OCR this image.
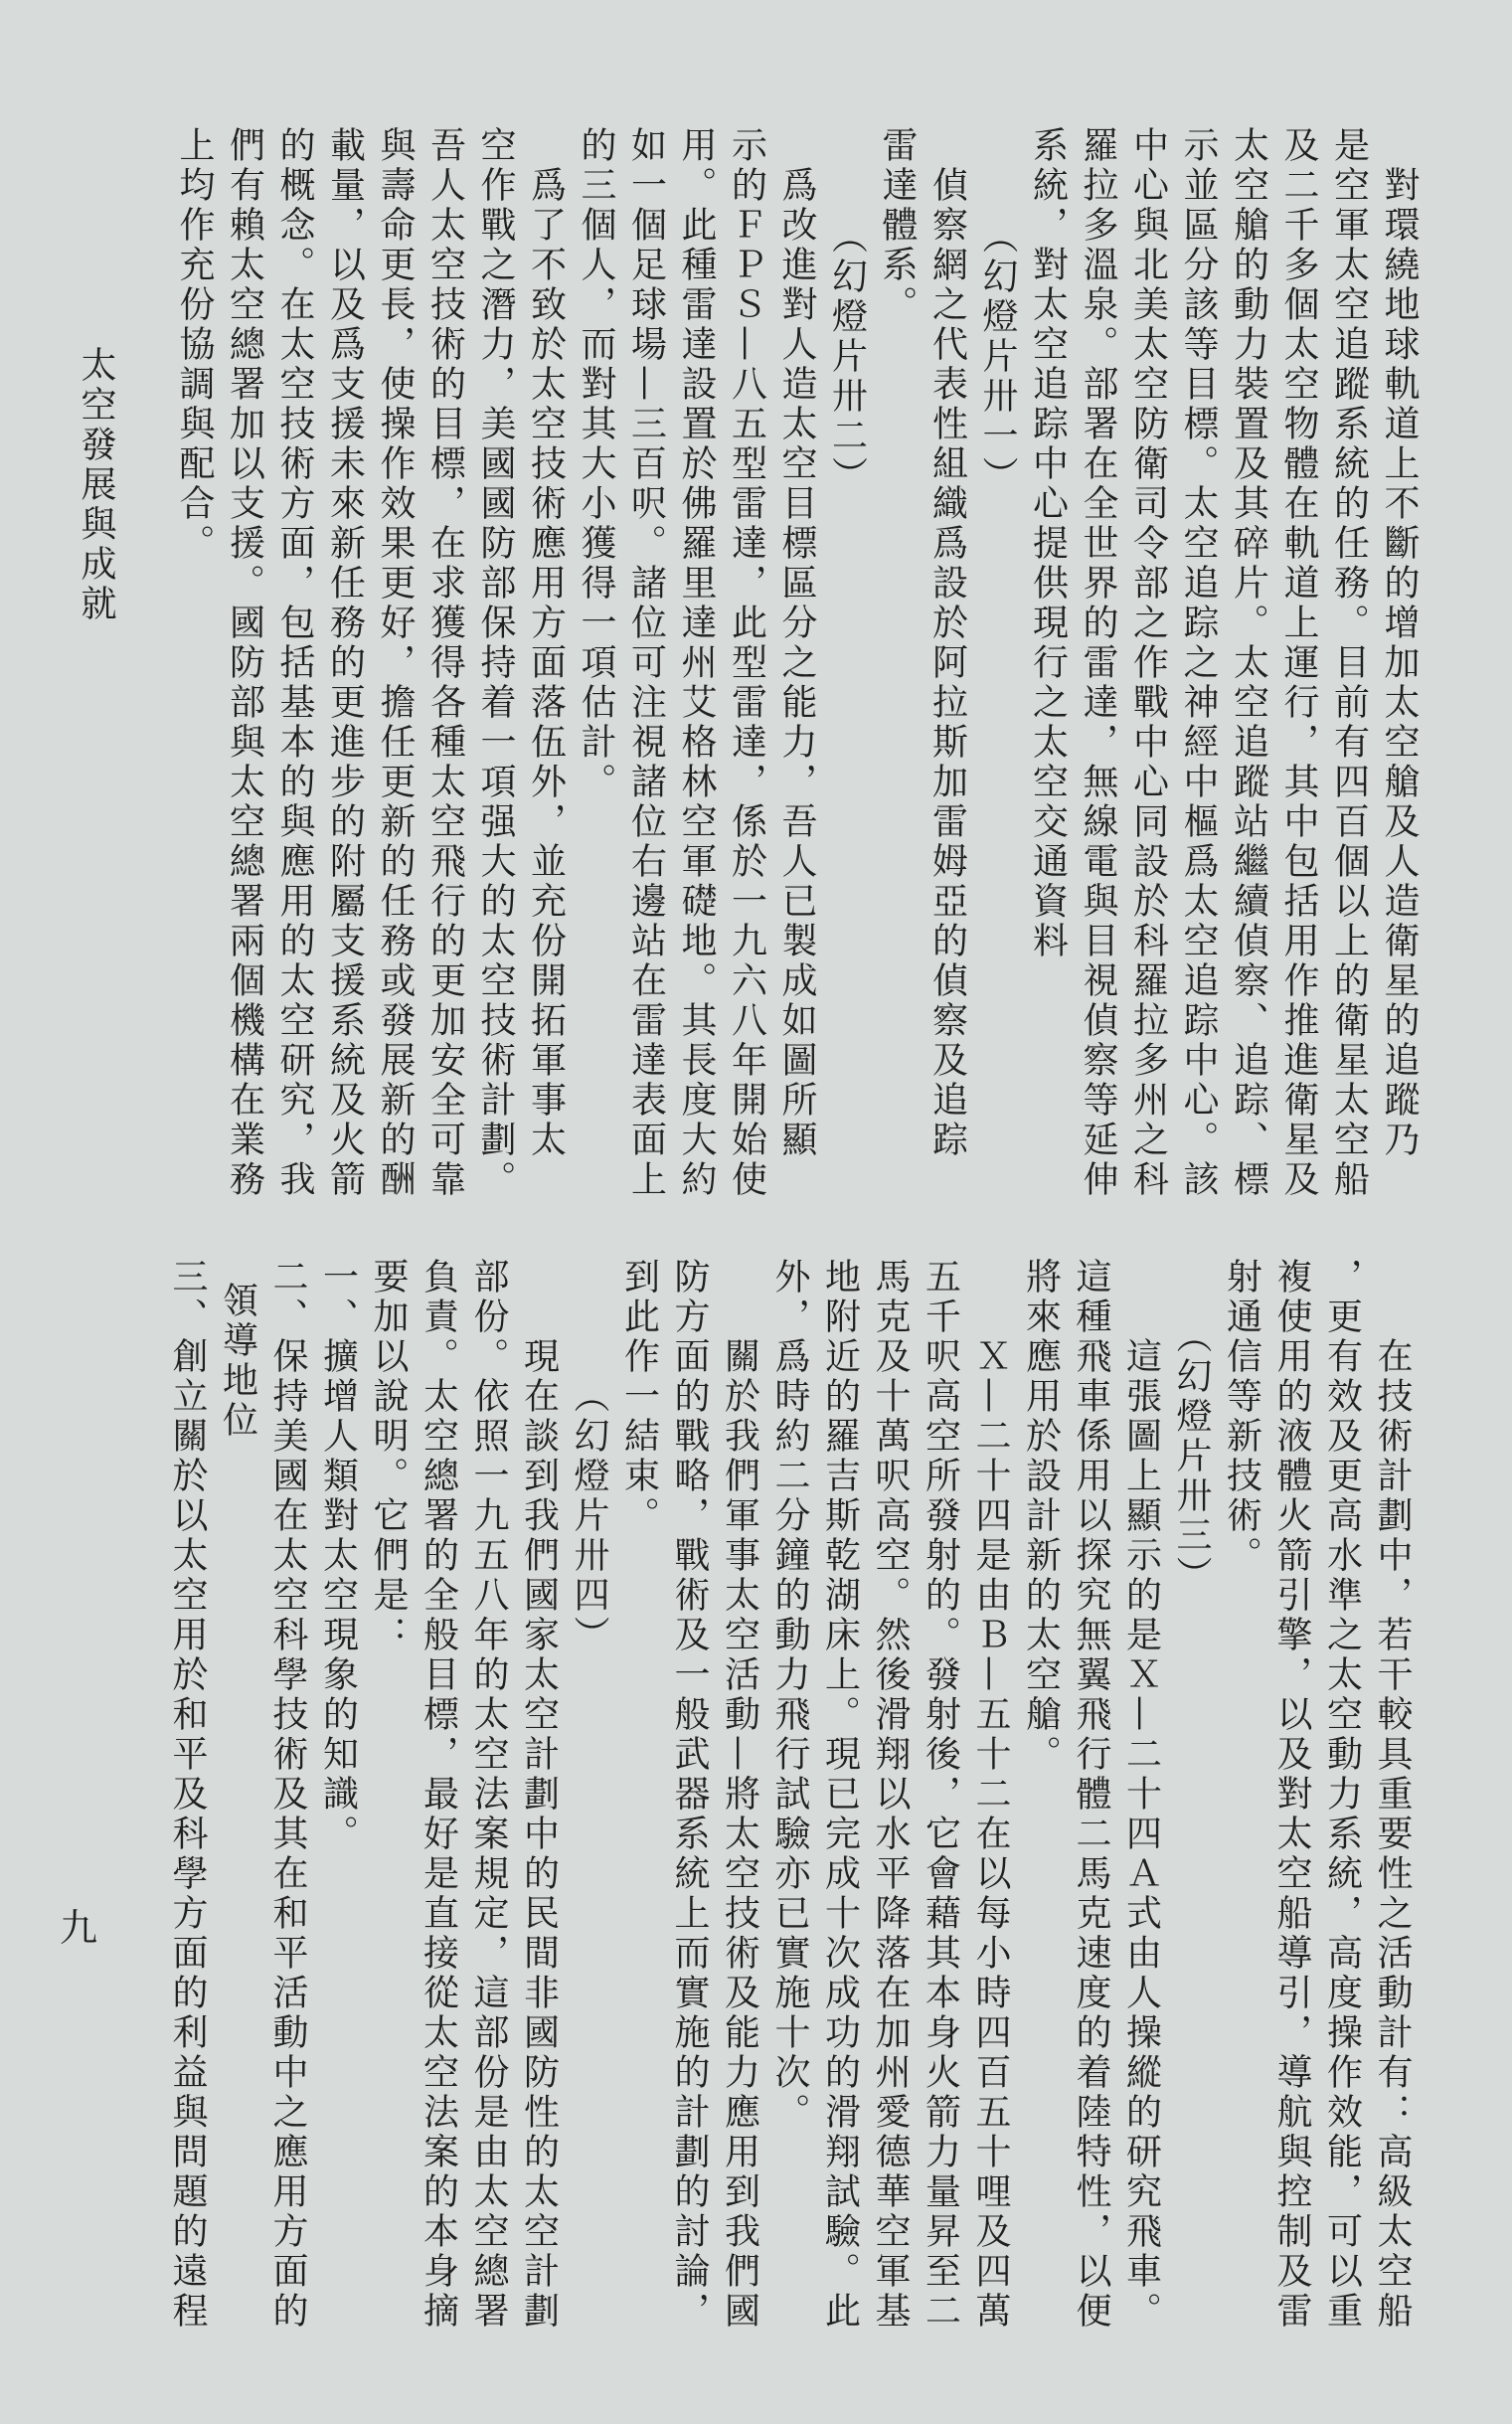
太空發展與成就
九
對環繞地球軌道上不斷的增加太空艙及人造衛星的追蹤乃
是空軍太空追蹤系統的任務。目前有四百個以上的衛星太空船
及二千多個太空物體在軌道上運行，其中包括用作推進衛星及
太空艙的動力裝置及其碎片。太空追蹤站繼續偵察、追踪、標
示並區分該等目標。太空追踪之神經中樞爲太空追踪中心。該
中心與北美太空防衛司令部之作戰中心同設於科羅拉多州之科
羅拉多溫泉。部署在全世界的雷達，無線電與目視偵察等延伸
系統，對太空追踪中心提供現行之太空交通資料
（幻燈片卅一）
偵察網之代表性組織爲設於阿拉斯加雷姆亞的偵察及追踪
雷達體系。
（幻燈片卅二）
爲改進對人造太空目標區分之能力，吾人已製成如圖所顯
示的ＦＰＳ—八五型雷達，此型雷達，係於一九六八年開始使
用。此種雷達設置於佛羅里達州艾格林空軍礎地。其長度大約
如一個足球場—三百呎。諸位可注視諸位右邊站在雷達表面上
的三個人，而對其大小獲得一項估計。
爲了不致於太空技術應用方面落伍外，並充份開拓軍事太
空作戰之潛力，美國國防部保持着一項强大的太空技術計劃。
吾人太空技術的目標，在求獲得各種太空飛行的更加安全可靠
與壽命更長，使操作效果更好，擔任更新的任務或發展新的酬
載量，以及爲支援未來新任務的更進步的附屬支援系統及火箭
的概念。在太空技術方面，包括基本的與應用的太空研究，我
們有賴太空總署加以支援。國防部與太空總署兩個機構在業務
上均作充份協調與配合。
在技術計劃中，若干較具重要性之活動計有：高級太空船
，更有效及更高水準之太空動力系統，高度操作效能，可以重
複使用的液體火箭引擎，以及對太空船導引，導航與控制及雷
射通信等新技術。
（幻燈片卅三）
這張圖上顯示的是Ｘ—二十四Ａ式由人操縱的研究飛車。
這種飛車係用以探究無翼飛行體二馬克速度的着陸特性，以便
將來應用於設計新的太空艙。
Ｘ—二十四是由Ｂ—五十二在以每小時四百五十哩及四萬
五千呎高空所發射的。發射後，它會藉其本身火箭力量昇至二
馬克及十萬呎高空。然後滑翔以水平降落在加州愛德華空軍基
地附近的羅吉斯乾湖床上。現已完成十次成功的滑翔試驗。此
外，爲時約二分鐘的動力飛行試驗亦已實施十次。
關於我們軍事太空活動—將太空技術及能力應用到我們國
防方面的戰略，戰術及一般武器系統上而實施的計劃的討論，
到此作一結束。
（幻燈片卅四）
現在談到我們國家太空計劃中的民間非國防性的太空計劃
部份。依照一九五八年的太空法案規定，這部份是由太空總署
負責。太空總署的全般目標，最好是直接從太空法案的本身摘
要加以說明。它們是：
一、擴增人類對太空現象的知識。
二、保持美國在太空科學技術及其在和平活動中之應用方面的
領導地位
三、創立關於以太空用於和平及科學方面的利益與問題的遠程
